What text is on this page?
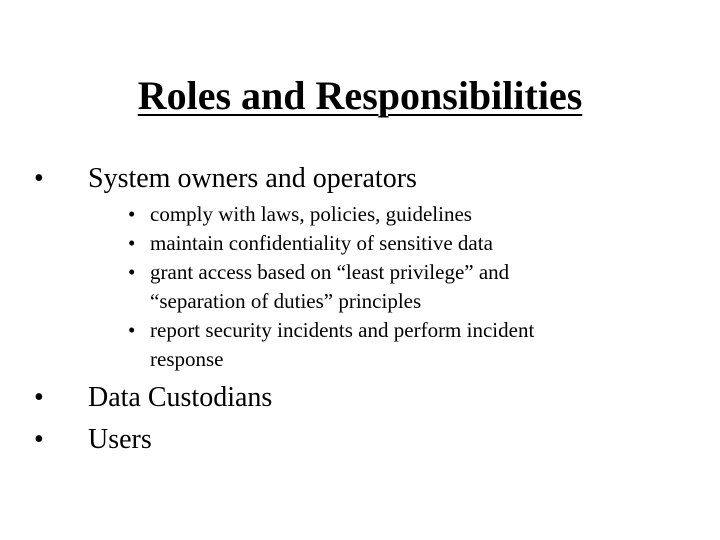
Roles and Responsibilities
•	System owners and operators
• comply with laws, policies, guidelines
• maintain confidentiality of sensitive data
• grant access based on “least privilege” and “separation of duties” principles
• report security incidents and perform incident response
•	Data Custodians
•	Users
